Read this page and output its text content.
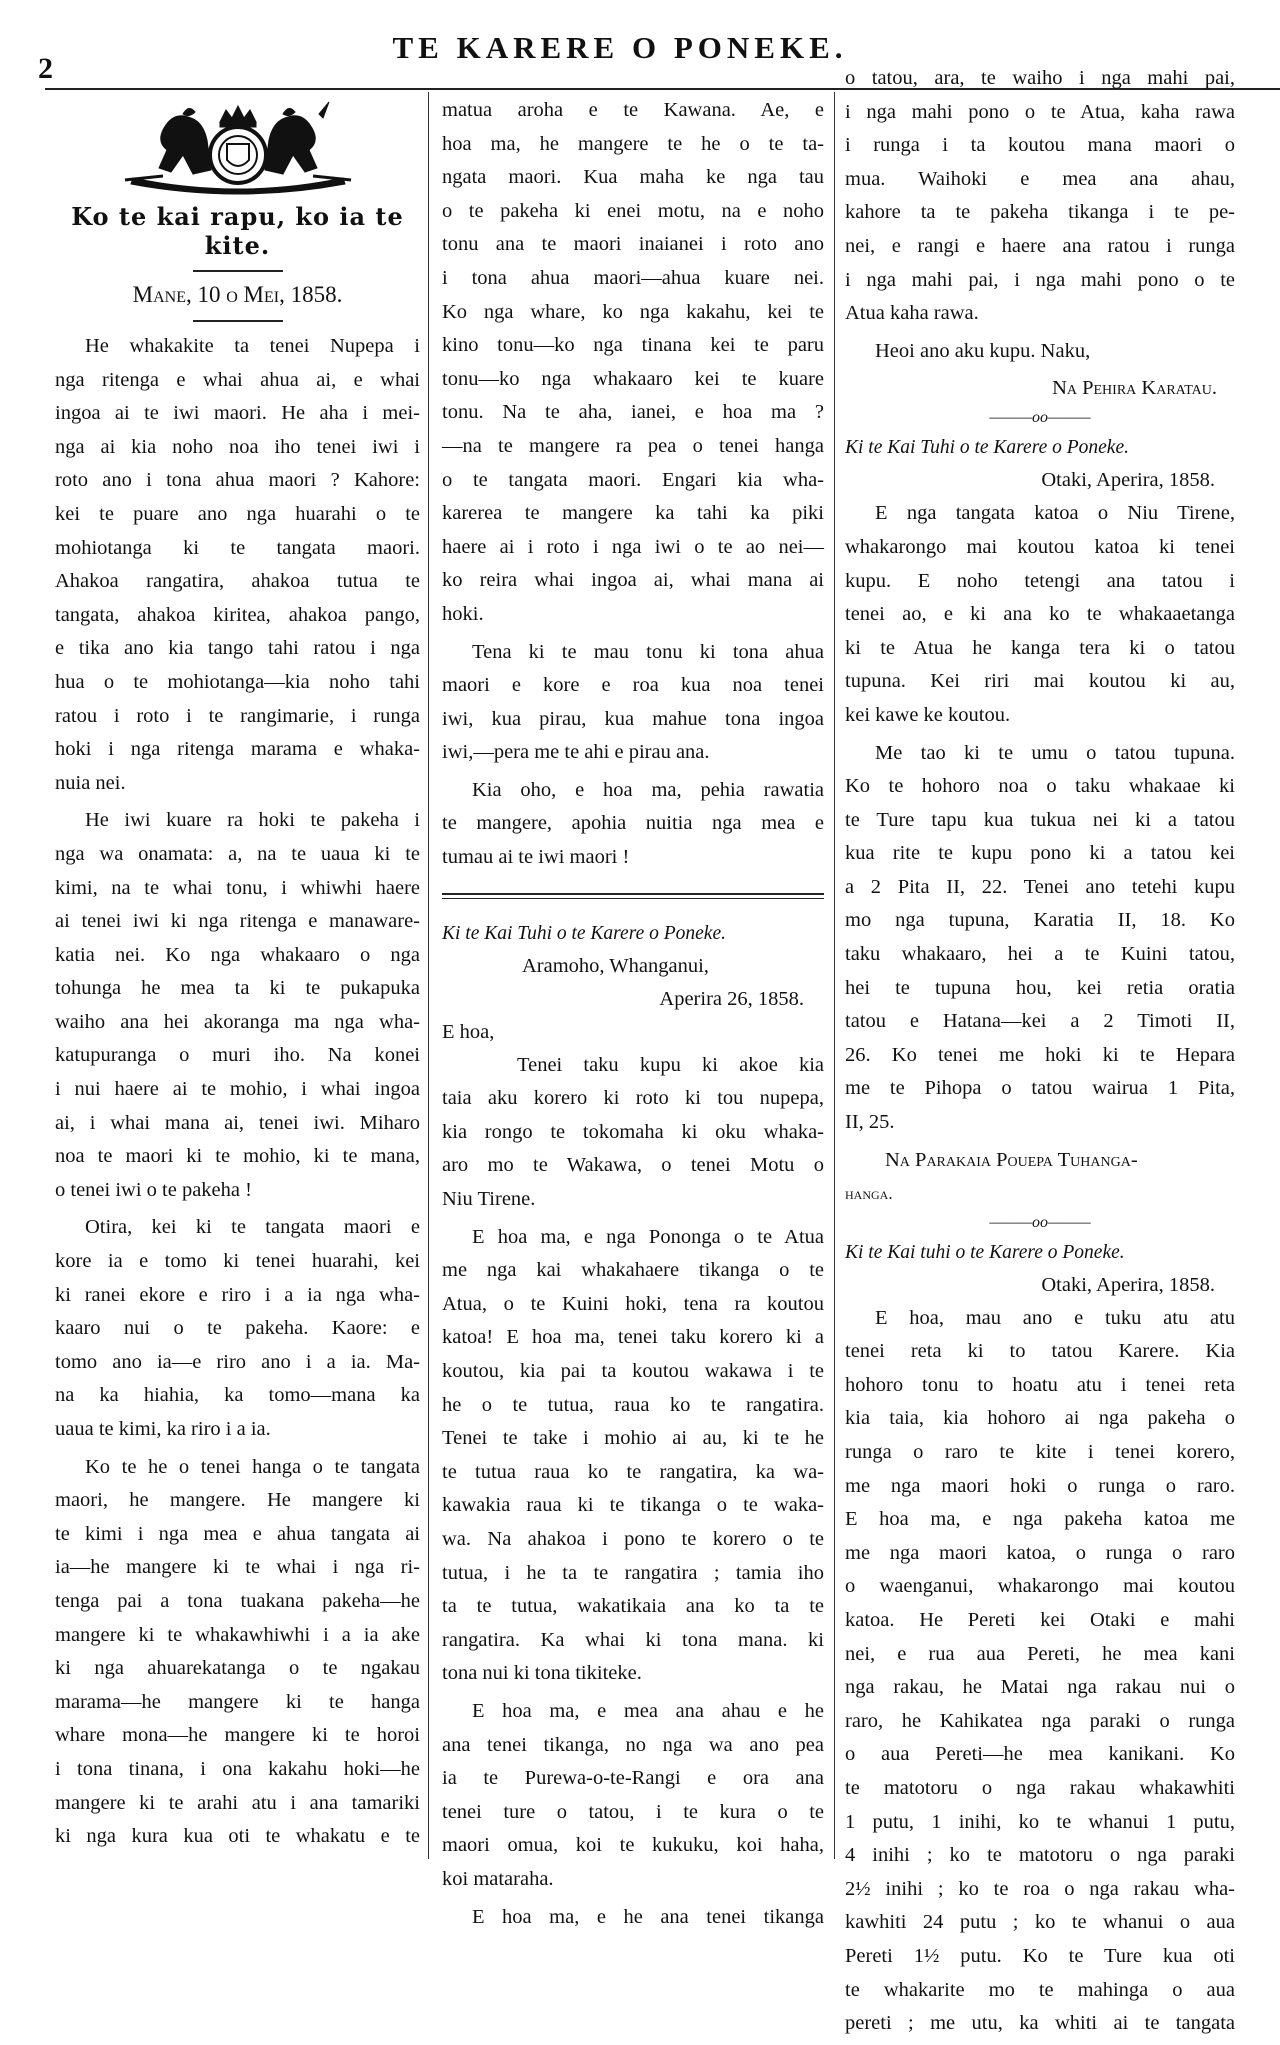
2
TE KARERE O PONEKE.
Ko te kai rapu, ko ia te kite.
Mane, 10 o Mei, 1858.
He whakakite ta tenei Nupepa i
nga ritenga e whai ahua ai, e whai
ingoa ai te iwi maori. He aha i mei-
nga ai kia noho noa iho tenei iwi i
roto ano i tona ahua maori ? Kahore:
kei te puare ano nga huarahi o te
mohiotanga ki te tangata maori.
Ahakoa rangatira, ahakoa tutua te
tangata, ahakoa kiritea, ahakoa pango,
e tika ano kia tango tahi ratou i nga
hua o te mohiotanga—kia noho tahi
ratou i roto i te rangimarie, i runga
hoki i nga ritenga marama e whaka-
nuia nei.
He iwi kuare ra hoki te pakeha i
nga wa onamata: a, na te uaua ki te
kimi, na te whai tonu, i whiwhi haere
ai tenei iwi ki nga ritenga e manaware-
katia nei. Ko nga whakaaro o nga
tohunga he mea ta ki te pukapuka
waiho ana hei akoranga ma nga wha-
katupuranga o muri iho. Na konei
i nui haere ai te mohio, i whai ingoa
ai, i whai mana ai, tenei iwi. Miharo
noa te maori ki te mohio, ki te mana,
o tenei iwi o te pakeha !
Otira, kei ki te tangata maori e
kore ia e tomo ki tenei huarahi, kei
ki ranei ekore e riro i a ia nga wha-
kaaro nui o te pakeha. Kaore: e
tomo ano ia—e riro ano i a ia. Ma-
na ka hiahia, ka tomo—mana ka
uaua te kimi, ka riro i a ia.
Ko te he o tenei hanga o te tangata
maori, he mangere. He mangere ki
te kimi i nga mea e ahua tangata ai
ia—he mangere ki te whai i nga ri-
tenga pai a tona tuakana pakeha—he
mangere ki te whakawhiwhi i a ia ake
ki nga ahuarekatanga o te ngakau
marama—he mangere ki te hanga
whare mona—he mangere ki te horoi
i tona tinana, i ona kakahu hoki—he
mangere ki te arahi atu i ana tamariki
ki nga kura kua oti te whakatu e te
matua aroha e te Kawana. Ae, e
hoa ma, he mangere te he o te ta-
ngata maori. Kua maha ke nga tau
o te pakeha ki enei motu, na e noho
tonu ana te maori inaianei i roto ano
i tona ahua maori—ahua kuare nei.
Ko nga whare, ko nga kakahu, kei te
kino tonu—ko nga tinana kei te paru
tonu—ko nga whakaaro kei te kuare
tonu. Na te aha, ianei, e hoa ma ?
—na te mangere ra pea o tenei hanga
o te tangata maori. Engari kia wha-
karerea te mangere ka tahi ka piki
haere ai i roto i nga iwi o te ao nei—
ko reira whai ingoa ai, whai mana ai
hoki.
Tena ki te mau tonu ki tona ahua
maori e kore e roa kua noa tenei
iwi, kua pirau, kua mahue tona ingoa
iwi,—pera me te ahi e pirau ana.
Kia oho, e hoa ma, pehia rawatia
te mangere, apohia nuitia nga mea e
tumau ai te iwi maori !
Ki te Kai Tuhi o te Karere o Poneke.
Aramoho, Whanganui,
Aperira 26, 1858.
E hoa,
Tenei taku kupu ki akoe kia
taia aku korero ki roto ki tou nupepa,
kia rongo te tokomaha ki oku whaka-
aro mo te Wakawa, o tenei Motu o
Niu Tirene.
E hoa ma, e nga Pononga o te Atua
me nga kai whakahaere tikanga o te
Atua, o te Kuini hoki, tena ra koutou
katoa! E hoa ma, tenei taku korero ki a
koutou, kia pai ta koutou wakawa i te
he o te tutua, raua ko te rangatira.
Tenei te take i mohio ai au, ki te he
te tutua raua ko te rangatira, ka wa-
kawakia raua ki te tikanga o te waka-
wa. Na ahakoa i pono te korero o te
tutua, i he ta te rangatira ; tamia iho
ta te tutua, wakatikaia ana ko ta te
rangatira. Ka whai ki tona mana. ki
tona nui ki tona tikiteke.
E hoa ma, e mea ana ahau e he
ana tenei tikanga, no nga wa ano pea
ia te Purewa-o-te-Rangi e ora ana
tenei ture o tatou, i te kura o te
maori omua, koi te kukuku, koi haha,
koi mataraha.
E hoa ma, e he ana tenei tikanga
o tatou, ara, te waiho i nga mahi pai,
i nga mahi pono o te Atua, kaha rawa
i runga i ta koutou mana maori o
mua. Waihoki e mea ana ahau,
kahore ta te pakeha tikanga i te pe-
nei, e rangi e haere ana ratou i runga
i nga mahi pai, i nga mahi pono o te
Atua kaha rawa.
Heoi ano aku kupu. Naku,
Na Pehira Karatau.
———oo———
Ki te Kai Tuhi o te Karere o Poneke.
Otaki, Aperira, 1858.
E nga tangata katoa o Niu Tirene,
whakarongo mai koutou katoa ki tenei
kupu. E noho tetengi ana tatou i
tenei ao, e ki ana ko te whakaaetanga
ki te Atua he kanga tera ki o tatou
tupuna. Kei riri mai koutou ki au,
kei kawe ke koutou.
Me tao ki te umu o tatou tupuna.
Ko te hohoro noa o taku whakaae ki
te Ture tapu kua tukua nei ki a tatou
kua rite te kupu pono ki a tatou kei
a 2 Pita II, 22. Tenei ano tetehi kupu
mo nga tupuna, Karatia II, 18. Ko
taku whakaaro, hei a te Kuini tatou,
hei te tupuna hou, kei retia oratia
tatou e Hatana—kei a 2 Timoti II,
26. Ko tenei me hoki ki te Hepara
me te Pihopa o tatou wairua 1 Pita,
II, 25.
Na Parakaia Pouepa Tuhanga-
hanga.
———oo———
Ki te Kai tuhi o te Karere o Poneke.
Otaki, Aperira, 1858.
E hoa, mau ano e tuku atu atu
tenei reta ki to tatou Karere. Kia
hohoro tonu to hoatu atu i tenei reta
kia taia, kia hohoro ai nga pakeha o
runga o raro te kite i tenei korero,
me nga maori hoki o runga o raro.
E hoa ma, e nga pakeha katoa me
me nga maori katoa, o runga o raro
o waenganui, whakarongo mai koutou
katoa. He Pereti kei Otaki e mahi
nei, e rua aua Pereti, he mea kani
nga rakau, he Matai nga rakau nui o
raro, he Kahikatea nga paraki o runga
o aua Pereti—he mea kanikani. Ko
te matotoru o nga rakau whakawhiti
1 putu, 1 inihi, ko te whanui 1 putu,
4 inihi ; ko te matotoru o nga paraki
2½ inihi ; ko te roa o nga rakau wha-
kawhiti 24 putu ; ko te whanui o aua
Pereti 1½ putu. Ko te Ture kua oti
te whakarite mo te mahinga o aua
pereti ; me utu, ka whiti ai te tangata
